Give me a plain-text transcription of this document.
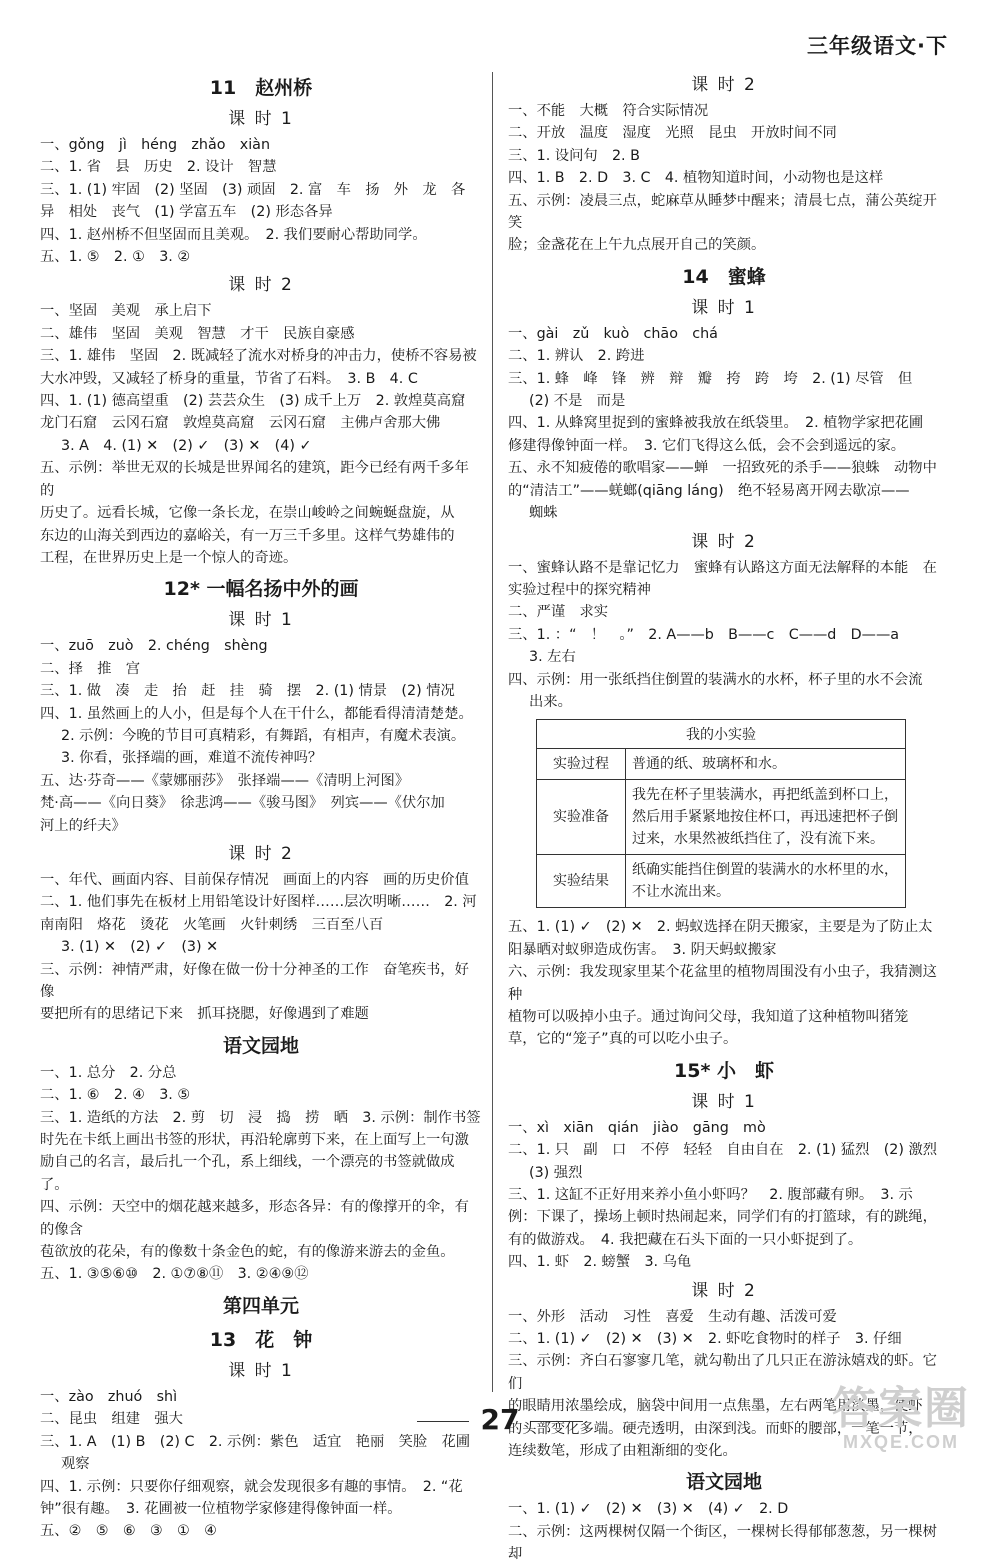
三年级语文·下
11　赵州桥
课 时 1

一、gǒng　jì　héng　zhǎo　xiàn

二、1. 省　县　历史　2. 设计　智慧

三、1. (1) 牢固　(2) 坚固　(3) 顽固　2. 富　车　扬　外　龙　各

异　相处　丧气　(1) 学富五车　(2) 形态各异

四、1. 赵州桥不但坚固而且美观。　2. 我们要耐心帮助同学。

五、1. ⑤　2. ①　3. ②

课 时 2

一、坚固　美观　承上启下

二、雄伟　坚固　美观　智慧　才干　民族自豪感

三、1. 雄伟　坚固　2. 既减轻了流水对桥身的冲击力，使桥不容易被

大水冲毁，又减轻了桥身的重量，节省了石料。　3. B　4. C

四、1. (1) 德高望重　(2) 芸芸众生　(3) 成千上万　2. 敦煌莫高窟

龙门石窟　云冈石窟　敦煌莫高窟　云冈石窟　主佛卢舍那大佛

3. A　4. (1) ✕　(2) ✓　(3) ✕　(4) ✓

五、示例：举世无双的长城是世界闻名的建筑，距今已经有两千多年的

历史了。远看长城，它像一条长龙，在崇山峻岭之间蜿蜒盘旋，从

东边的山海关到西边的嘉峪关，有一万三千多里。这样气势雄伟的

工程，在世界历史上是一个惊人的奇迹。

12* 一幅名扬中外的画
课 时 1

一、zuō　zuò　2. chéng　shèng

二、择　推　宫

三、1. 做　凑　走　抬　赶　挂　骑　摆　2. (1) 情景　(2) 情况

四、1. 虽然画上的人小，但是每个人在干什么，都能看得清清楚楚。

2. 示例：今晚的节目可真精彩，有舞蹈，有相声，有魔术表演。

3. 你看，张择端的画，难道不流传神吗？

五、达·芬奇——《蒙娜丽莎》　张择端——《清明上河图》

梵·高——《向日葵》　徐悲鸿——《骏马图》　列宾——《伏尔加

河上的纤夫》

课 时 2

一、年代、画面内容、目前保存情况　画面上的内容　画的历史价值

二、1. 他们事先在板材上用铅笔设计好图样……层次明晰……　2. 河

南南阳　烙花　烫花　火笔画　火针刺绣　三百至八百

3. (1) ✕　(2) ✓　(3) ✕

三、示例：神情严肃，好像在做一份十分神圣的工作　奋笔疾书，好像

要把所有的思绪记下来　抓耳挠腮，好像遇到了难题

语文园地

一、1. 总分　2. 分总

二、1. ⑥　2. ④　3. ⑤

三、1. 造纸的方法　2. 剪　切　浸　捣　捞　晒　3. 示例：制作书签

时先在卡纸上画出书签的形状，再沿轮廓剪下来，在上面写上一句激

励自己的名言，最后扎一个孔，系上细线，一个漂亮的书签就做成了。

四、示例：天空中的烟花越来越多，形态各异：有的像撑开的伞，有的像含

苞欲放的花朵，有的像数十条金色的蛇，有的像游来游去的金鱼。

五、1. ③⑤⑥⑩　2. ①⑦⑧⑪　3. ②④⑨⑫

第四单元
13　花　钟
课 时 1

一、zào　zhuó　shì

二、昆虫　组建　强大

三、1. A　(1) B　(2) C　2. 示例：紫色　适宜　艳丽　笑脸　花圃

观察

四、1. 示例：只要你仔细观察，就会发现很多有趣的事情。　2. “花

钟”很有趣。　3. 花圃被一位植物学家修建得像钟面一样。

五、②　⑤　⑥　③　①　④

课 时 2

一、不能　大概　符合实际情况

二、开放　温度　湿度　光照　昆虫　开放时间不同

三、1. 设问句　2. B

四、1. B　2. D　3. C　4. 植物知道时间，小动物也是这样

五、示例：凌晨三点，蛇麻草从睡梦中醒来；清晨七点，蒲公英绽开笑

脸；金盏花在上午九点展开自己的笑颜。

14　蜜蜂
课 时 1

一、gài　zǔ　kuò　chāo　chá

二、1. 辨认　2. 跨进

三、1. 蜂　峰　锋　辨　辩　瓣　挎　跨　垮　2. (1) 尽管　但

(2) 不是　而是

四、1. 从蜂窝里捉到的蜜蜂被我放在纸袋里。　2. 植物学家把花圃

修建得像钟面一样。　3. 它们飞得这么低，会不会到遥远的家。

五、永不知疲倦的歌唱家——蝉　一招致死的杀手——狼蛛　动物中

的“清洁工”——蜣螂(qiāng láng)　绝不轻易离开网去歇凉——

蜘蛛

课 时 2

一、蜜蜂认路不是靠记忆力　蜜蜂有认路这方面无法解释的本能　在

实验过程中的探究精神

二、严谨　求实

三、1. ：“　！　。”　2. A——b　B——c　C——d　D——a

3. 左右

四、示例：用一张纸挡住倒置的装满水的水杯，杯子里的水不会流

出来。

我的小实验	
实验过程	普通的纸、玻璃杯和水。
实验准备	我先在杯子里装满水，再把纸盖到杯口上，然后用手紧紧地按住杯口，再迅速把杯子倒过来，水果然被纸挡住了，没有流下来。
实验结果	纸确实能挡住倒置的装满水的水杯里的水，不让水流出来。

五、1. (1) ✓　(2) ✕　2. 蚂蚁选择在阴天搬家，主要是为了防止太

阳暴晒对蚁卵造成伤害。　3. 阴天蚂蚁搬家

六、示例：我发现家里某个花盆里的植物周围没有小虫子，我猜测这种

植物可以吸掉小虫子。通过询问父母，我知道了这种植物叫猪笼

草，它的“笼子”真的可以吃小虫子。

15* 小　虾
课 时 1

一、xì　xiān　qián　jiào　gāng　mò

二、1. 只　副　口　不停　轻轻　自由自在　2. (1) 猛烈　(2) 激烈

(3) 强烈

三、1. 这缸不正好用来养小鱼小虾吗？　2. 腹部藏有卵。　3. 示

例：下课了，操场上顿时热闹起来，同学们有的打篮球，有的跳绳，

有的做游戏。　4. 我把藏在石头下面的一只小虾捉到了。

四、1. 虾　2. 螃蟹　3. 乌龟

课 时 2

一、外形　活动　习性　喜爱　生动有趣、活泼可爱

二、1. (1) ✓　(2) ✕　(3) ✕　2. 虾吃食物时的样子　3. 仔细

三、示例：齐白石寥寥几笔，就勾勒出了几只正在游泳嬉戏的虾。它们

的眼睛用浓墨绘成，脑袋中间用一点焦墨，左右两笔用淡墨，使虾

的头部变化多端。硬壳透明，由深到浅。而虾的腰部，一笔一节，

连续数笔，形成了由粗渐细的变化。

语文园地

一、1. (1) ✓　(2) ✕　(3) ✕　(4) ✓　2. D

二、示例：这两棵树仅隔一个街区，一棵树长得郁郁葱葱，另一棵树却

27	答案圈
MXQE.COM
